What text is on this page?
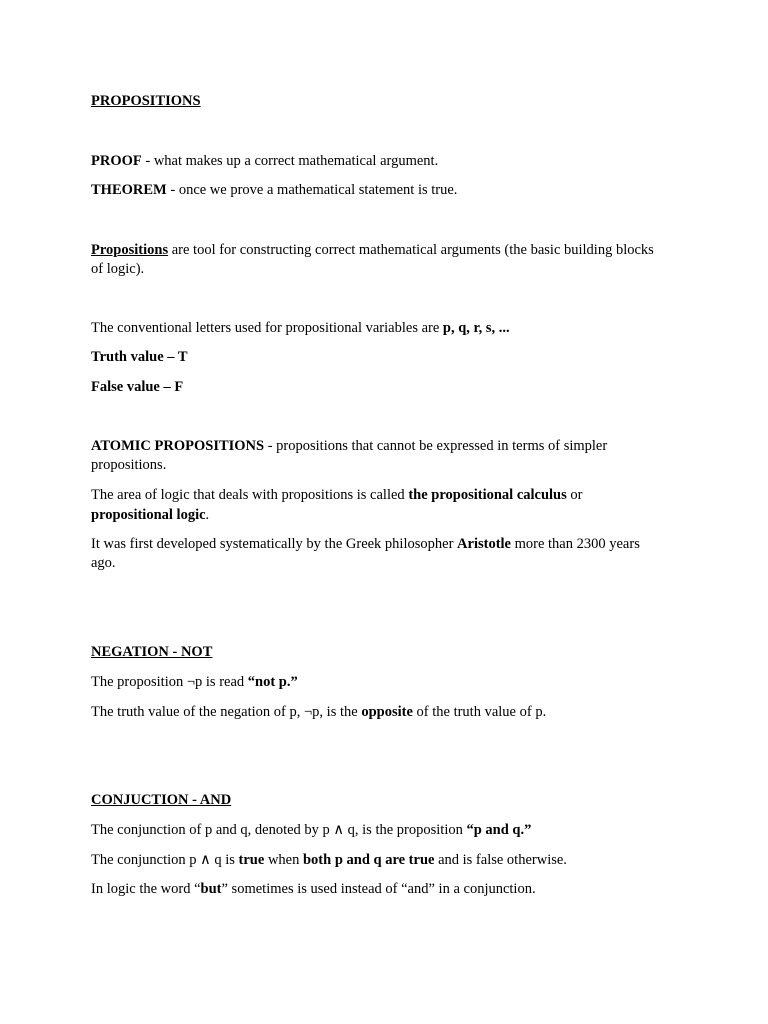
PROPOSITIONS
PROOF - what makes up a correct mathematical argument.
THEOREM - once we prove a mathematical statement is true.
Propositions are tool for constructing correct mathematical arguments (the basic building blocks
of logic).
The conventional letters used for propositional variables are p, q, r, s, ...
Truth value – T
False value – F
ATOMIC PROPOSITIONS - propositions that cannot be expressed in terms of simpler
propositions.
The area of logic that deals with propositions is called the propositional calculus or
propositional logic.
It was first developed systematically by the Greek philosopher Aristotle more than 2300 years
ago.
NEGATION - NOT
The proposition ¬p is read “not p.”
The truth value of the negation of p, ¬p, is the opposite of the truth value of p.
CONJUCTION - AND
The conjunction of p and q, denoted by p ∧ q, is the proposition “p and q.”
The conjunction p ∧ q is true when both p and q are true and is false otherwise.
In logic the word “but” sometimes is used instead of “and” in a conjunction.
